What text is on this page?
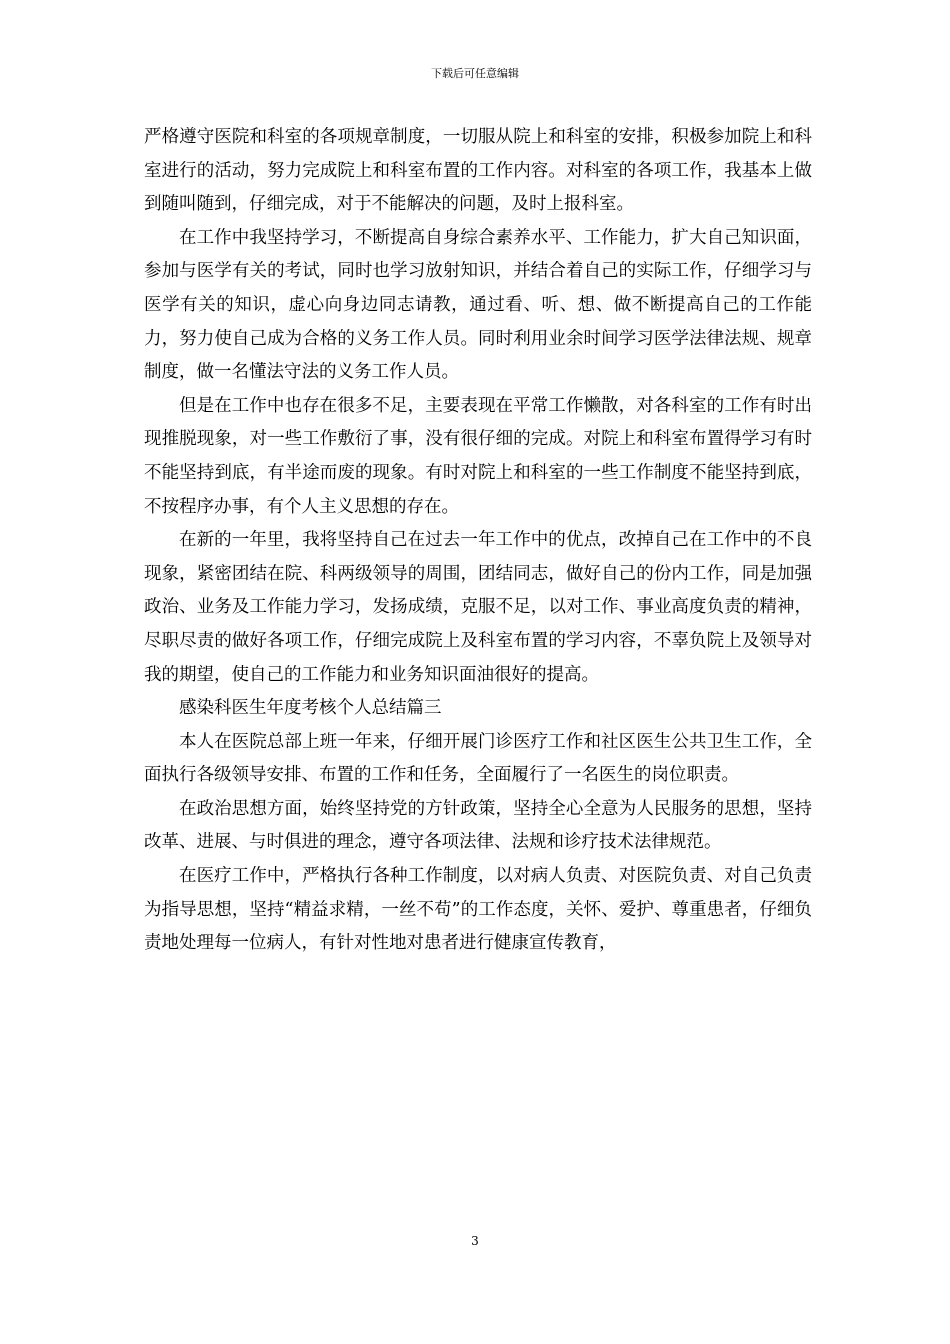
下载后可任意编辑

严格遵守医院和科室的各项规章制度，一切服从院上和科室的安排，积极参加院上和科室进行的活动，努力完成院上和科室布置的工作内容。对科室的各项工作，我基本上做到随叫随到，仔细完成，对于不能解决的问题，及时上报科室。

在工作中我坚持学习，不断提高自身综合素养水平、工作能力，扩大自己知识面，参加与医学有关的考试，同时也学习放射知识，并结合着自己的实际工作，仔细学习与医学有关的知识，虚心向身边同志请教，通过看、听、想、做不断提高自己的工作能力，努力使自己成为合格的义务工作人员。同时利用业余时间学习医学法律法规、规章制度，做一名懂法守法的义务工作人员。

但是在工作中也存在很多不足，主要表现在平常工作懒散，对各科室的工作有时出现推脱现象，对一些工作敷衍了事，没有很仔细的完成。对院上和科室布置得学习有时不能坚持到底，有半途而废的现象。有时对院上和科室的一些工作制度不能坚持到底，不按程序办事，有个人主义思想的存在。

在新的一年里，我将坚持自己在过去一年工作中的优点，改掉自己在工作中的不良现象，紧密团结在院、科两级领导的周围，团结同志，做好自己的份内工作，同是加强政治、业务及工作能力学习，发扬成绩，克服不足，以对工作、事业高度负责的精神，尽职尽责的做好各项工作，仔细完成院上及科室布置的学习内容，不辜负院上及领导对我的期望，使自己的工作能力和业务知识面油很好的提高。

感染科医生年度考核个人总结篇三

本人在医院总部上班一年来，仔细开展门诊医疗工作和社区医生公共卫生工作，全面执行各级领导安排、布置的工作和任务，全面履行了一名医生的岗位职责。

在政治思想方面，始终坚持党的方针政策，坚持全心全意为人民服务的思想，坚持改革、进展、与时俱进的理念，遵守各项法律、法规和诊疗技术法律规范。

在医疗工作中，严格执行各种工作制度，以对病人负责、对医院负责、对自己负责为指导思想，坚持“精益求精，一丝不苟”的工作态度，关怀、爱护、尊重患者，仔细负责地处理每一位病人，有针对性地对患者进行健康宣传教育，

3
